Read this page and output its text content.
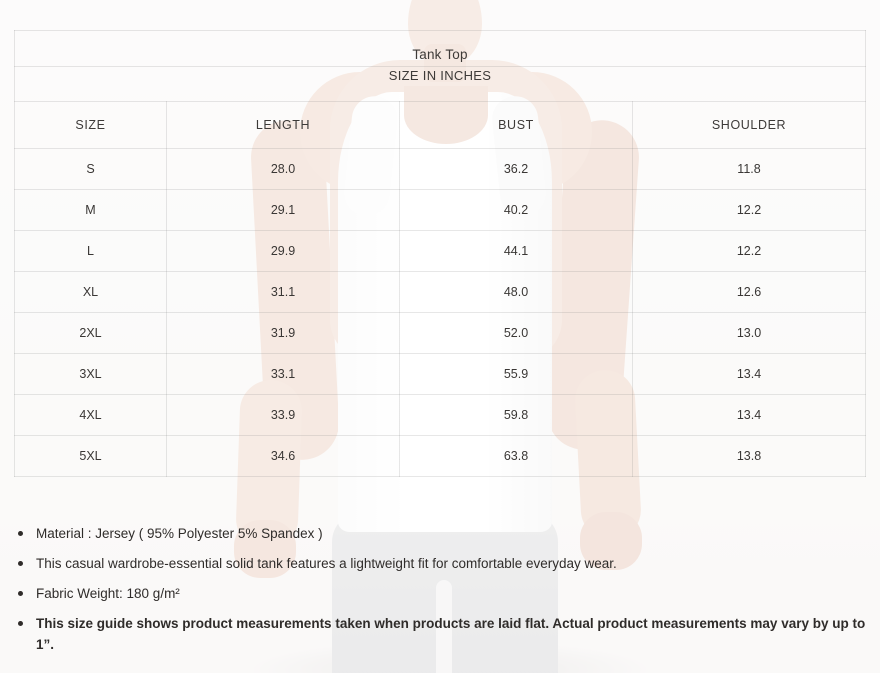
Tank Top			
SIZE IN INCHES			
SIZE	LENGTH	BUST	SHOULDER
S	28.0	36.2	11.8
M	29.1	40.2	12.2
L	29.9	44.1	12.2
XL	31.1	48.0	12.6
2XL	31.9	52.0	13.0
3XL	33.1	55.9	13.4
4XL	33.9	59.8	13.4
5XL	34.6	63.8	13.8
Material : Jersey ( 95% Polyester 5% Spandex )
This casual wardrobe-essential solid tank features a lightweight fit for comfortable everyday wear.
Fabric Weight: 180 g/m²
This size guide shows product measurements taken when products are laid flat. Actual product measurements may vary by up to 1”.
